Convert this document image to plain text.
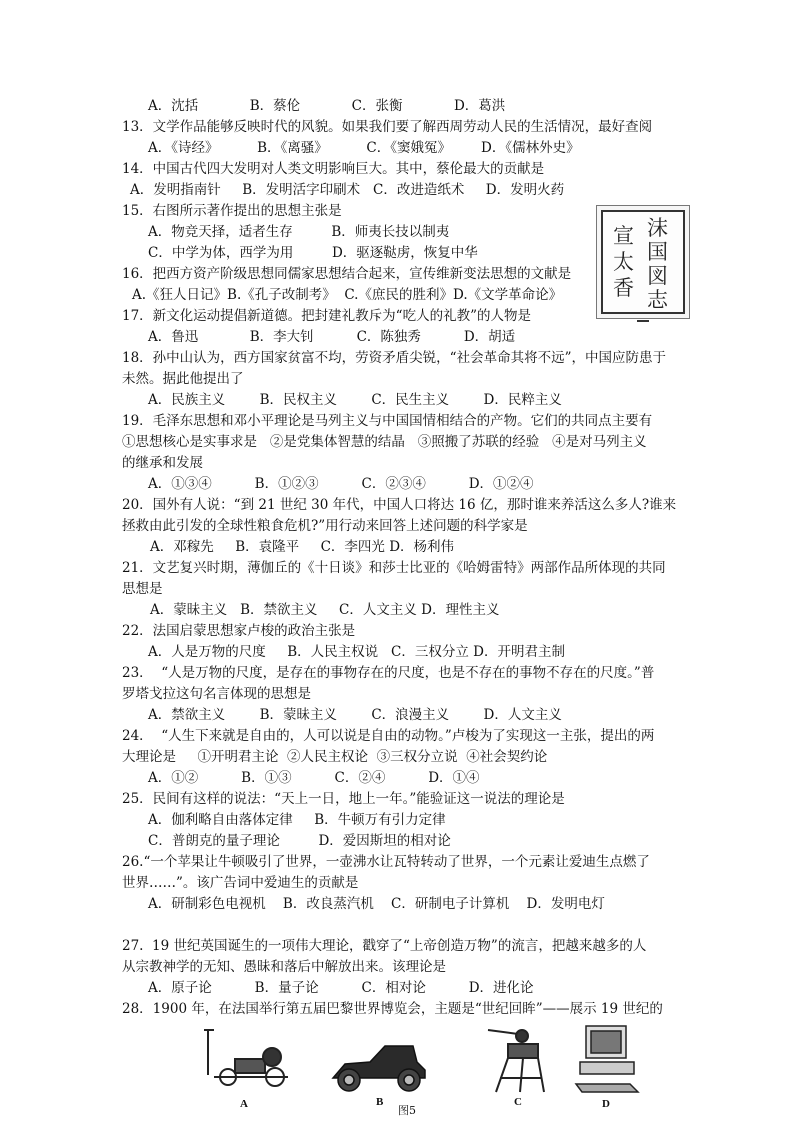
A．沈括            B．蔡伦            C．张衡            D．葛洪
13．文学作品能够反映时代的风貌。如果我们要了解西周劳动人民的生活情况，最好查阅
A．《诗经》         B．《离骚》         C．《窦娥冤》       D．《儒林外史》
14．中国古代四大发明对人类文明影响巨大。其中，蔡伦最大的贡献是
A．发明指南针     B．发明活字印刷术   C．改进造纸术     D．发明火药
15．右图所示著作提出的思想主张是
A．物竞天择，适者生存         B．师夷长技以制夷
C．中学为体，西学为用         D．驱逐鞑虏，恢复中华
16．把西方资产阶级思想同儒家思想结合起来，宣传维新变法思想的文献是
A.《狂人日记》B.《孔子改制考》  C.《庶民的胜利》D.《文学革命论》
17．新文化运动提倡新道德。把封建礼教斥为“吃人的礼教”的人物是
A．鲁迅            B．李大钊          C．陈独秀          D．胡适
18．孙中山认为，西方国家贫富不均，劳资矛盾尖锐，“社会革命其将不远”，中国应防患于
未然。据此他提出了
A．民族主义        B．民权主义        C．民生主义        D．民粹主义
19．毛泽东思想和邓小平理论是马列主义与中国国情相结合的产物。它们的共同点主要有
①思想核心是实事求是   ②是党集体智慧的结晶   ③照搬了苏联的经验   ④是对马列主义
的继承和发展
A．①③④          B．①②③          C．②③④          D．①②④
20．国外有人说：“到 21 世纪 30 年代，中国人口将达 16 亿，那时谁来养活这么多人?谁来
拯救由此引发的全球性粮食危机?”用行动来回答上述问题的科学家是
A．邓稼先     B．袁隆平     C．李四光 D．杨利伟
21．文艺复兴时期，薄伽丘的《十日谈》和莎士比亚的《哈姆雷特》两部作品所体现的共同
思想是
A．蒙昧主义   B．禁欲主义     C．人文主义 D．理性主义
22．法国启蒙思想家卢梭的政治主张是
A．人是万物的尺度     B．人民主权说   C．三权分立 D．开明君主制
23．  “人是万物的尺度，是存在的事物存在的尺度，也是不存在的事物不存在的尺度。”普
罗塔戈拉这句名言体现的思想是
A．禁欲主义        B．蒙昧主义        C．浪漫主义        D．人文主义
24．  “人生下来就是自由的，人可以说是自由的动物。”卢梭为了实现这一主张，提出的两
大理论是     ①开明君主论  ②人民主权论  ③三权分立说  ④社会契约论
A．①②          B．①③          C．②④          D．①④
25．民间有这样的说法：“天上一日，地上一年。”能验证这一说法的理论是
A．伽利略自由落体定律     B．牛顿万有引力定律
C．普朗克的量子理论         D．爱因斯坦的相对论
26.“一个苹果让牛顿吸引了世界，一壶沸水让瓦特转动了世界，一个元素让爱迪生点燃了
世界……”。该广告词中爱迪生的贡献是
A．研制彩色电视机    B．改良蒸汽机    C．研制电子计算机    D．发明电灯
27.  19 世纪英国诞生的一项伟大理论，戳穿了“上帝创造万物”的流言，把越来越多的人
从宗教神学的无知、愚昧和落后中解放出来。该理论是
A．原子论          B．量子论          C．相对论          D．进化论
28．1900 年，在法国举行第五届巴黎世界博览会，主题是“世纪回眸”——展示 19 世纪的
沫
国
図
志
宣
太
香
A	B	C	D
图5
